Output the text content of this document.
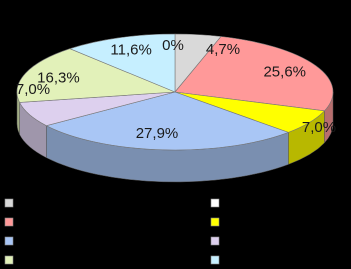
0% 4,7%
25,6%
7,0%
27,9%
7,0%
16,3%
11,6%
